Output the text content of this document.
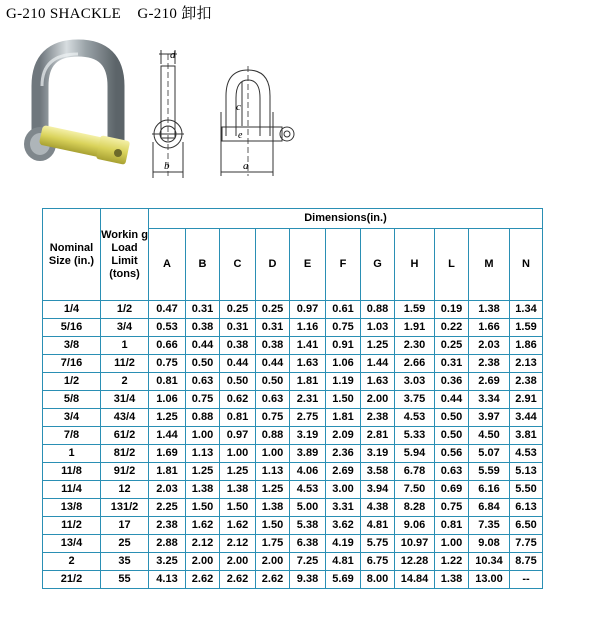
G-210 SHACKLE    G-210 卸扣
d
b
c
e
a
Nominal Size (in.)	Workin g Load Limit (tons)	Dimensions(in.)										
		A	B	C	D	E	F	G	H	L	M	N
1/4	1/2	0.47	0.31	0.25	0.25	0.97	0.61	0.88	1.59	0.19	1.38	1.34
5/16	3/4	0.53	0.38	0.31	0.31	1.16	0.75	1.03	1.91	0.22	1.66	1.59
3/8	1	0.66	0.44	0.38	0.38	1.41	0.91	1.25	2.30	0.25	2.03	1.86
7/16	11/2	0.75	0.50	0.44	0.44	1.63	1.06	1.44	2.66	0.31	2.38	2.13
1/2	2	0.81	0.63	0.50	0.50	1.81	1.19	1.63	3.03	0.36	2.69	2.38
5/8	31/4	1.06	0.75	0.62	0.63	2.31	1.50	2.00	3.75	0.44	3.34	2.91
3/4	43/4	1.25	0.88	0.81	0.75	2.75	1.81	2.38	4.53	0.50	3.97	3.44
7/8	61/2	1.44	1.00	0.97	0.88	3.19	2.09	2.81	5.33	0.50	4.50	3.81
1	81/2	1.69	1.13	1.00	1.00	3.89	2.36	3.19	5.94	0.56	5.07	4.53
11/8	91/2	1.81	1.25	1.25	1.13	4.06	2.69	3.58	6.78	0.63	5.59	5.13
11/4	12	2.03	1.38	1.38	1.25	4.53	3.00	3.94	7.50	0.69	6.16	5.50
13/8	131/2	2.25	1.50	1.50	1.38	5.00	3.31	4.38	8.28	0.75	6.84	6.13
11/2	17	2.38	1.62	1.62	1.50	5.38	3.62	4.81	9.06	0.81	7.35	6.50
13/4	25	2.88	2.12	2.12	1.75	6.38	4.19	5.75	10.97	1.00	9.08	7.75
2	35	3.25	2.00	2.00	2.00	7.25	4.81	6.75	12.28	1.22	10.34	8.75
21/2	55	4.13	2.62	2.62	2.62	9.38	5.69	8.00	14.84	1.38	13.00	--
